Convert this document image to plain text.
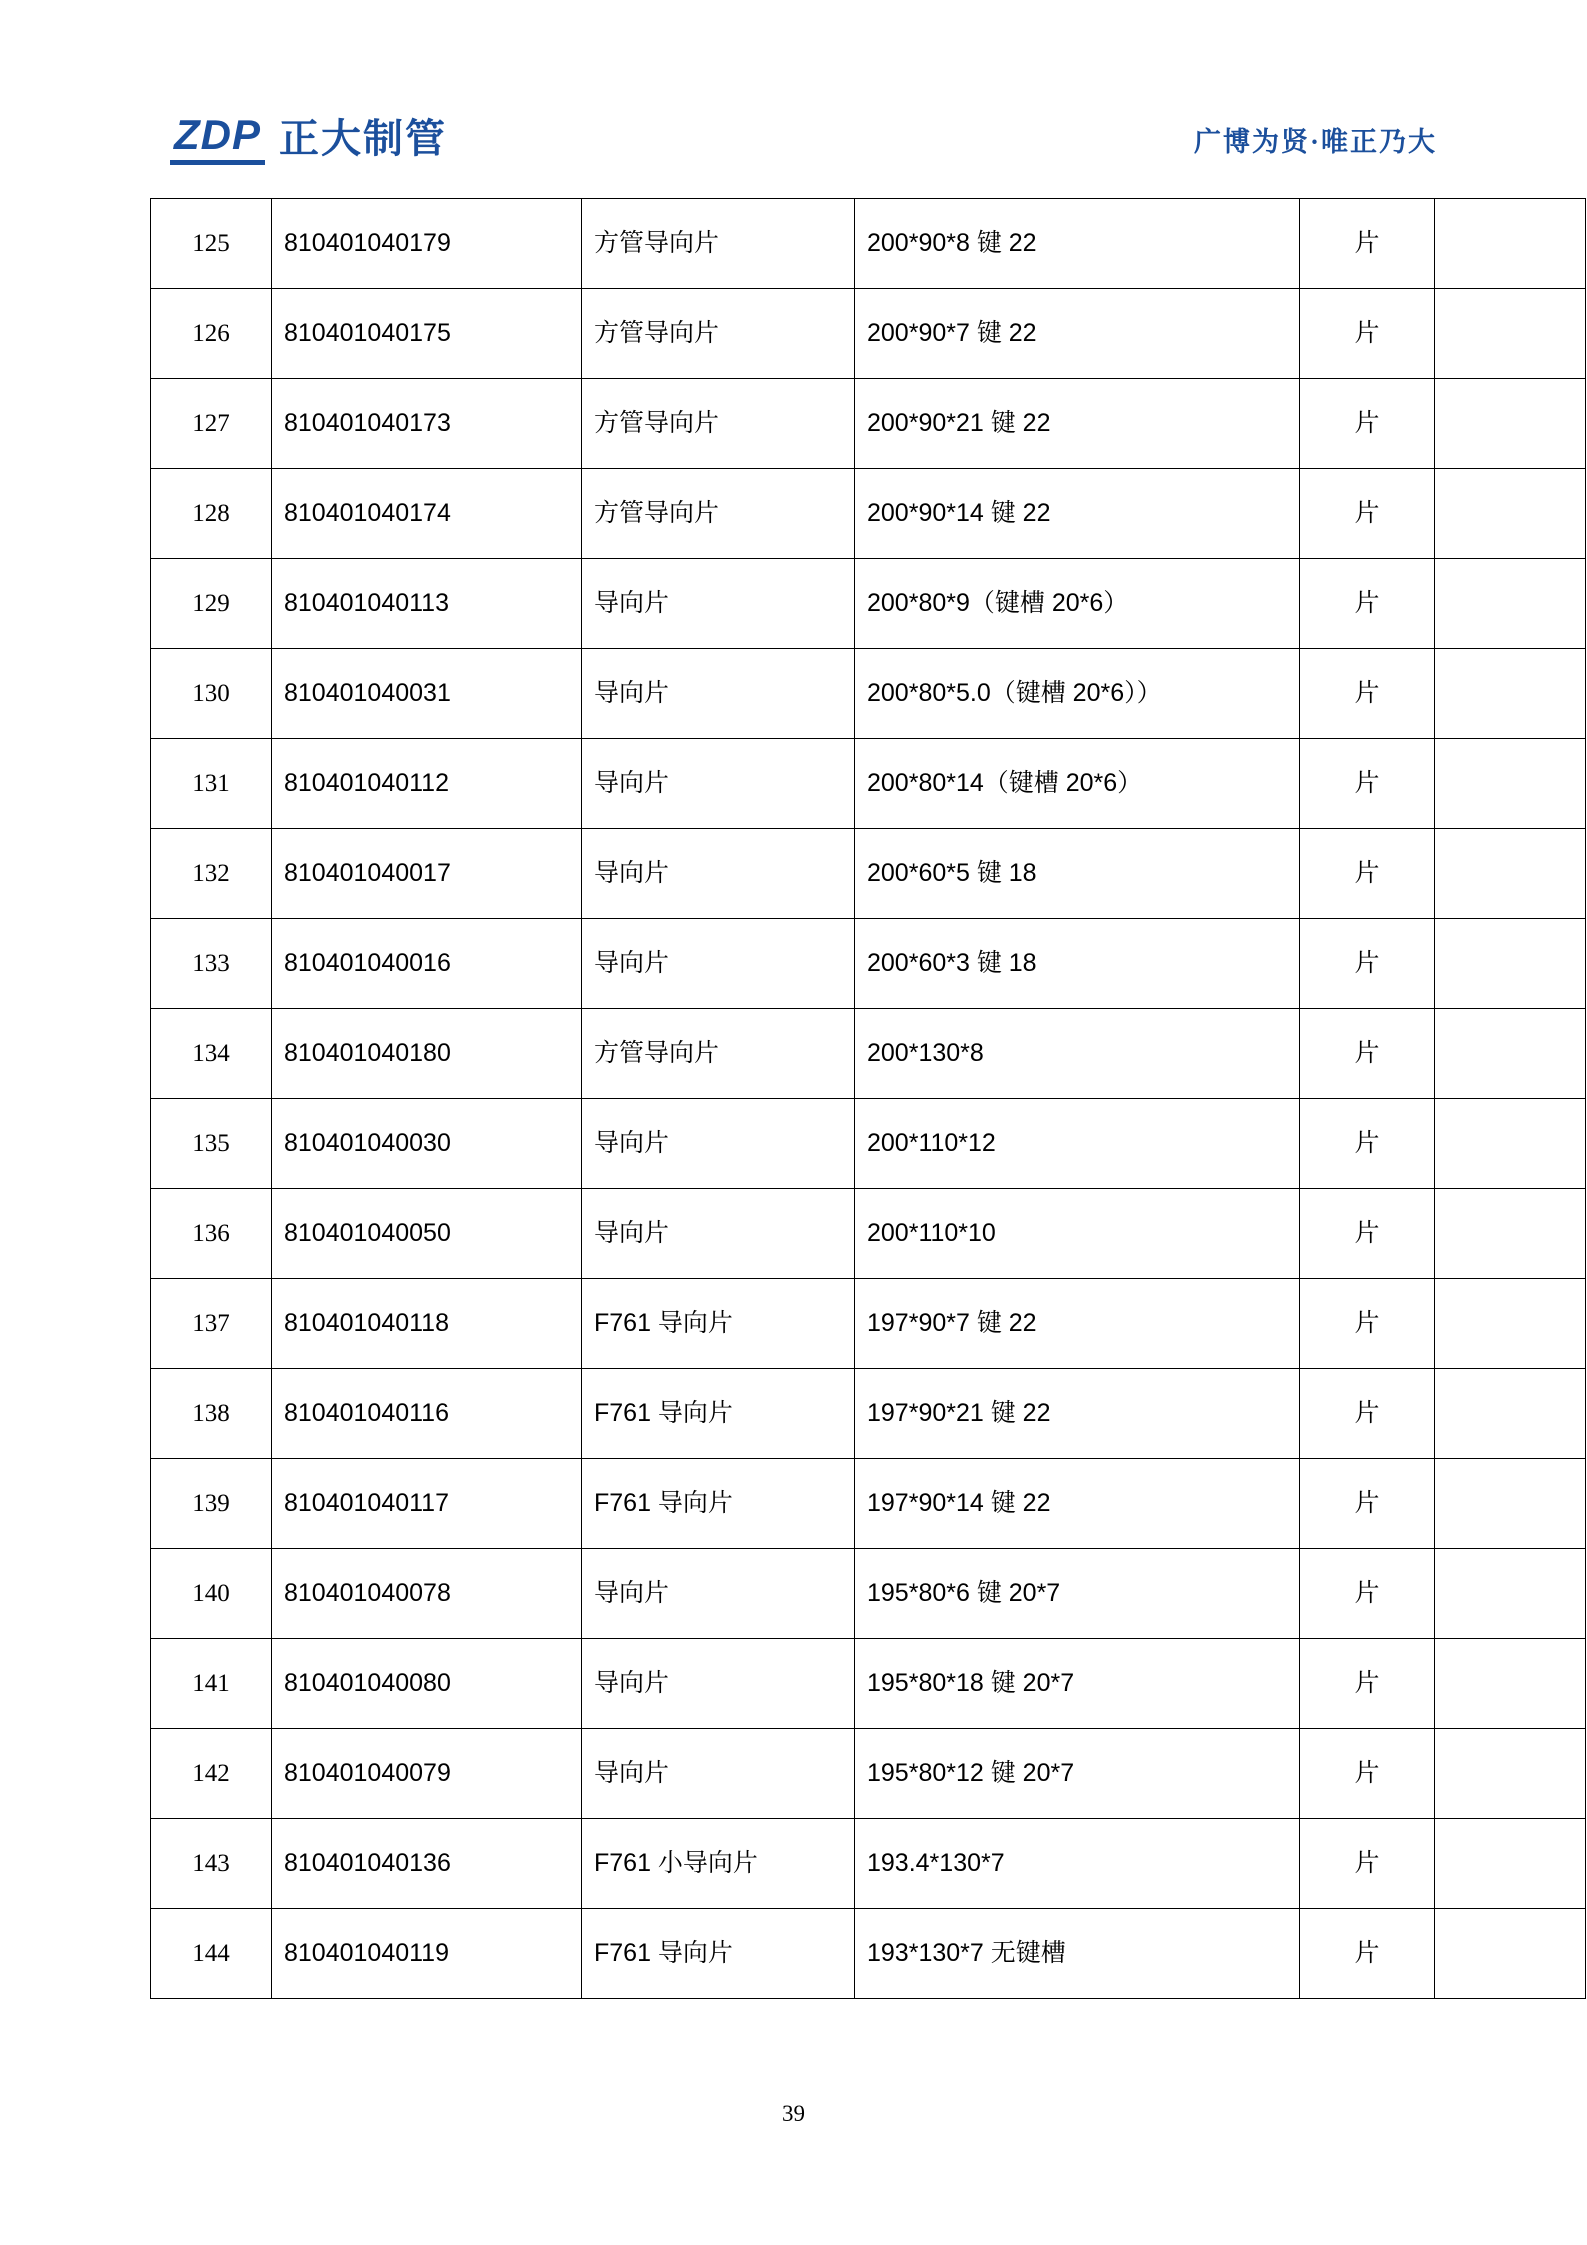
ZDP 正大制管	广博为贤·唯正乃大
125	810401040179	方管导向片	200*90*8 键 22	片	
126	810401040175	方管导向片	200*90*7 键 22	片	
127	810401040173	方管导向片	200*90*21 键 22	片	
128	810401040174	方管导向片	200*90*14 键 22	片	
129	810401040113	导向片	200*80*9（键槽 20*6）	片	
130	810401040031	导向片	200*80*5.0（键槽 20*6））	片	
131	810401040112	导向片	200*80*14（键槽 20*6）	片	
132	810401040017	导向片	200*60*5 键 18	片	
133	810401040016	导向片	200*60*3 键 18	片	
134	810401040180	方管导向片	200*130*8	片	
135	810401040030	导向片	200*110*12	片	
136	810401040050	导向片	200*110*10	片	
137	810401040118	F761 导向片	197*90*7 键 22	片	
138	810401040116	F761 导向片	197*90*21 键 22	片	
139	810401040117	F761 导向片	197*90*14 键 22	片	
140	810401040078	导向片	195*80*6 键 20*7	片	
141	810401040080	导向片	195*80*18 键 20*7	片	
142	810401040079	导向片	195*80*12 键 20*7	片	
143	810401040136	F761 小导向片	193.4*130*7	片	
144	810401040119	F761 导向片	193*130*7 无键槽	片	
39
